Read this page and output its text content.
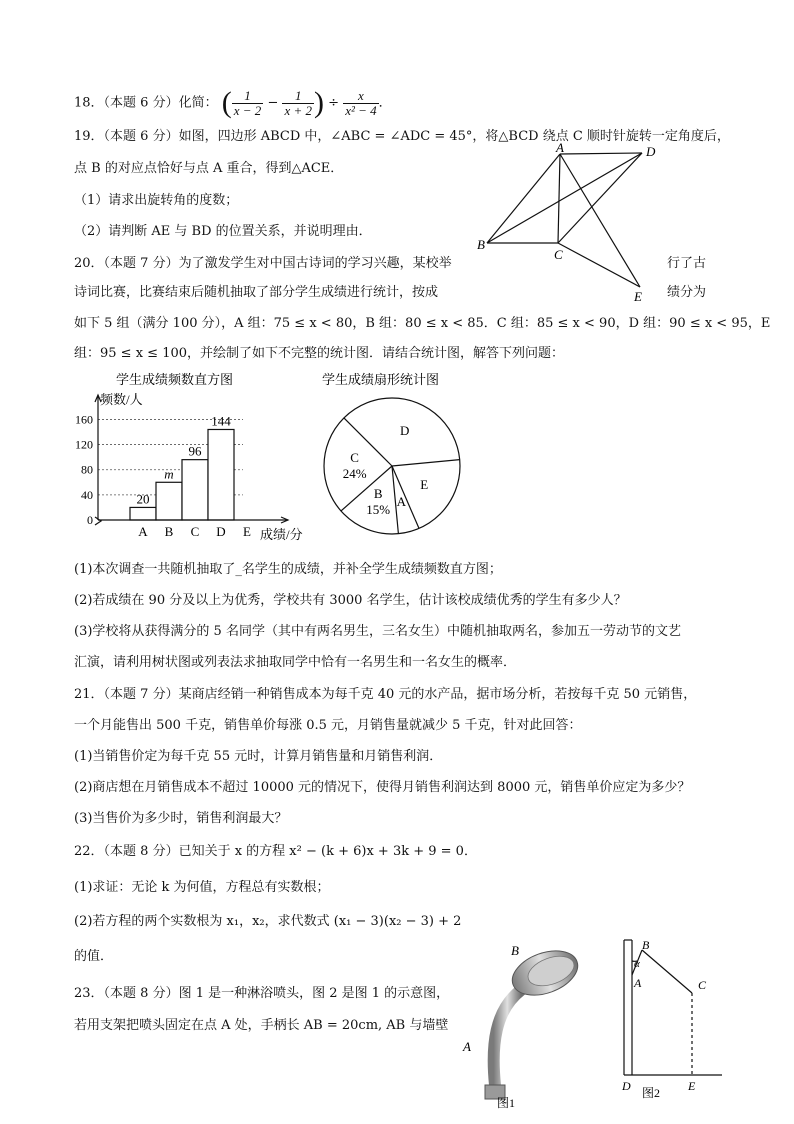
18．（本题 6 分）化简： ( $\frac{1}{x - 2} - \frac{1}{x + 2}$ ) ÷ $\frac{x}{\text{x² − 4}}$ ．
19．（本题 6 分）如图，四边形 ABCD 中，∠ABC = ∠ADC = 45°，将△BCD 绕点 C 顺时针旋转一定角度后，
点 B 的对应点恰好与点 A 重合，得到△ACE．
（1）请求出旋转角的度数；
（2）请判断 AE 与 BD 的位置关系，并说明理由．
A
B
C
D
E
20．（本题 7 分）为了激发学生对中国古诗词的学习兴趣，某校举	行了古
诗词比赛，比赛结束后随机抽取了部分学生成绩进行统计，按成	绩分为
如下 5 组（满分 100 分），A 组：75 ≤ x < 80，B 组：80 ≤ x < 85．C 组：85 ≤ x < 90，D 组：90 ≤ x < 95，E
组：95 ≤ x ≤ 100，并绘制了如下不完整的统计图．请结合统计图，解答下列问题：
学生成绩频数直方图
频数/人
成绩/分
0
40
80
120
160
20
A
m
B
96
C
144
D E
学生成绩扇形统计图
B
15%
C
24%
D
E
A
(1)本次调查一共随机抽取了_名学生的成绩，并补全学生成绩频数直方图；
(2)若成绩在 90 分及以上为优秀，学校共有 3000 名学生，估计该校成绩优秀的学生有多少人？
(3)学校将从获得满分的 5 名同学（其中有两名男生，三名女生）中随机抽取两名，参加五一劳动节的文艺
汇演，请利用树状图或列表法求抽取同学中恰有一名男生和一名女生的概率．
21．（本题 7 分）某商店经销一种销售成本为每千克 40 元的水产品，据市场分析，若按每千克 50 元销售，
一个月能售出 500 千克，销售单价每涨 0.5 元，月销售量就减少 5 千克，针对此回答：
(1)当销售价定为每千克 55 元时，计算月销售量和月销售利润．
(2)商店想在月销售成本不超过 10000 元的情况下，使得月销售利润达到 8000 元，销售单价应定为多少？
(3)当售价为多少时，销售利润最大？
22．（本题 8 分）已知关于 x 的方程 x² − (k + 6)x + 3k + 9 = 0．
(1)求证：无论 k 为何值，方程总有实数根；
(2)若方程的两个实数根为 x₁，x₂，求代数式 (x₁ − 3)(x₂ − 3) + 2
的值．
23．（本题 8 分）图 1 是一种淋浴喷头，图 2 是图 1 的示意图，
若用支架把喷头固定在点 A 处，手柄长 AB = 20cm, AB 与墙壁
B
A
图1
B
α
A	C
D	E
图2
